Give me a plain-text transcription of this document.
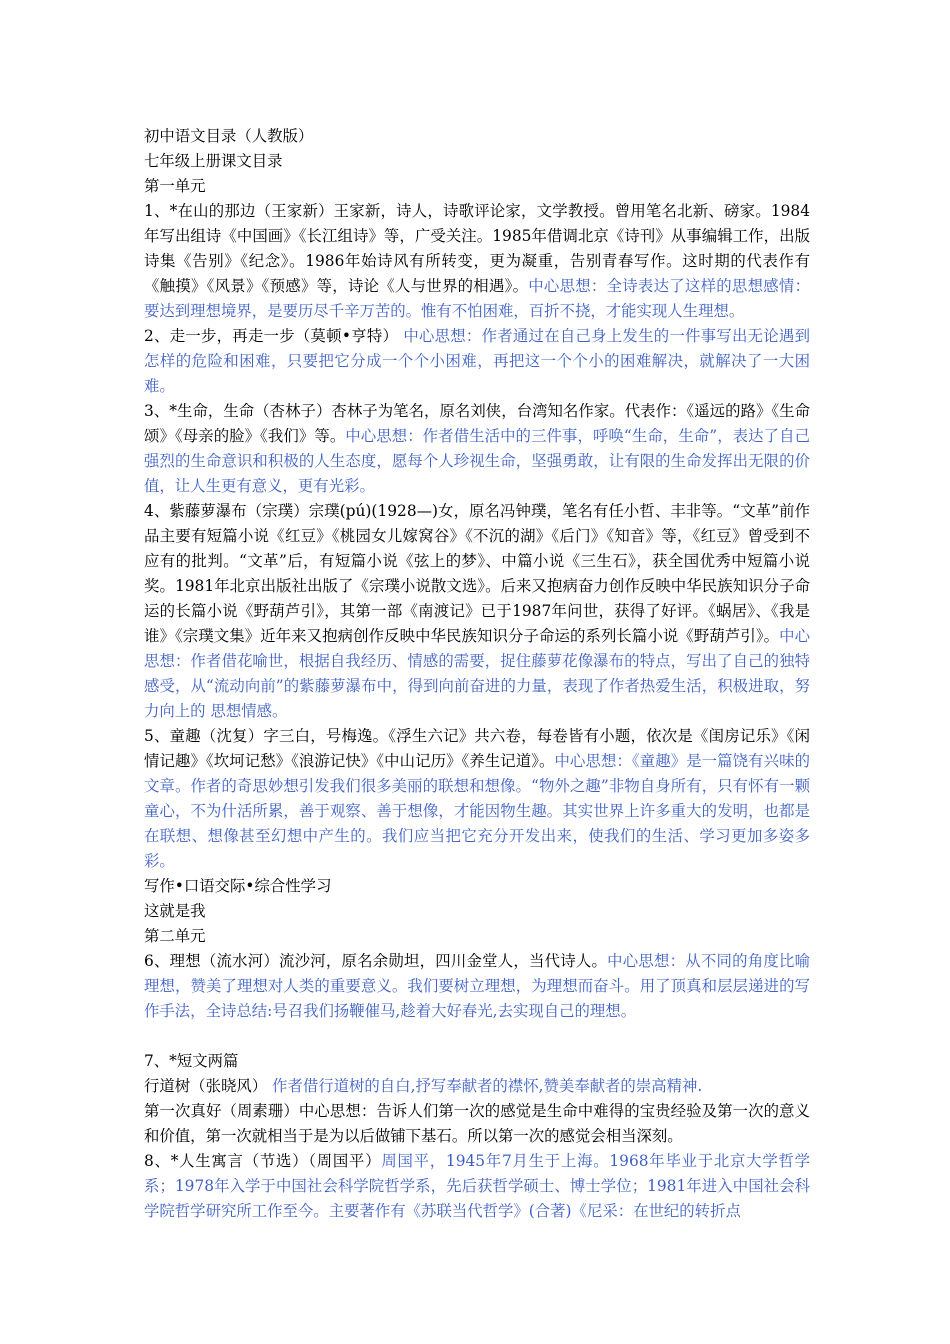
初中语文目录（人教版）

七年级上册课文目录

第一单元

1、*在山的那边（王家新）王家新，诗人，诗歌评论家，文学教授。曾用笔名北新、磅家。1984年写出组诗《中国画》《长江组诗》等，广受关注。1985年借调北京《诗刊》从事编辑工作，出版诗集《告别》《纪念》。1986年始诗风有所转变，更为凝重，告别青春写作。这时期的代表作有《触摸》《风景》《预感》等，诗论《人与世界的相遇》。中心思想：全诗表达了这样的思想感情：要达到理想境界，是要历尽千辛万苦的。惟有不怕困难，百折不挠，才能实现人生理想。

2、走一步，再走一步（莫顿•亨特） 中心思想：作者通过在自己身上发生的一件事写出无论遇到怎样的危险和困难，只要把它分成一个个小困难，再把这一个个小的困难解决，就解决了一大困难。

3、*生命，生命（杏林子）杏林子为笔名，原名刘侠，台湾知名作家。代表作：《遥远的路》《生命颂》《母亲的脸》《我们》等。中心思想：作者借生活中的三件事，呼唤“生命，生命”，表达了自己强烈的生命意识和积极的人生态度，愿每个人珍视生命，坚强勇敢，让有限的生命发挥出无限的价值，让人生更有意义，更有光彩。

4、紫藤萝瀑布（宗璞）宗璞(pú)(1928—)女，原名冯钟璞，笔名有任小哲、丰非等。“文革”前作品主要有短篇小说《红豆》《桃园女儿嫁窝谷》《不沉的湖》《后门》《知音》等，《红豆》曾受到不应有的批判。“文革”后，有短篇小说《弦上的梦》、中篇小说《三生石》，获全国优秀中短篇小说奖。1981年北京出版社出版了《宗璞小说散文选》。后来又抱病奋力创作反映中华民族知识分子命运的长篇小说《野葫芦引》，其第一部《南渡记》已于1987年问世，获得了好评。《蜗居》、《我是谁》《宗璞文集》近年来又抱病创作反映中华民族知识分子命运的系列长篇小说《野葫芦引》。中心思想：作者借花喻世，根据自我经历、情感的需要，捉住藤萝花像瀑布的特点，写出了自己的独特感受，从“流动向前”的紫藤萝瀑布中，得到向前奋进的力量，表现了作者热爱生活，积极进取，努力向上的 思想情感。

5、童趣（沈复）字三白，号梅逸。《浮生六记》共六卷，每卷皆有小题，依次是《闺房记乐》《闲情记趣》《坎坷记愁》《浪游记快》《中山记历》《养生记道》。中心思想：《童趣》是一篇饶有兴味的文章。作者的奇思妙想引发我们很多美丽的联想和想像。“物外之趣”非物自身所有，只有怀有一颗童心，不为什活所累，善于观察、善于想像，才能因物生趣。其实世界上许多重大的发明，也都是在联想、想像甚至幻想中产生的。我们应当把它充分开发出来，使我们的生活、学习更加多姿多彩。

写作•口语交际•综合性学习

这就是我

第二单元

6、理想（流水河）流沙河，原名余勋坦，四川金堂人，当代诗人。中心思想：从不同的角度比喻理想，赞美了理想对人类的重要意义。我们要树立理想，为理想而奋斗。用了顶真和层层递进的写作手法，全诗总结:号召我们扬鞭催马,趁着大好春光,去实现自己的理想。

7、*短文两篇

行道树（张晓风） 作者借行道树的自白,抒写奉献者的襟怀,赞美奉献者的崇高精神.

第一次真好（周素珊）中心思想：告诉人们第一次的感觉是生命中难得的宝贵经验及第一次的意义和价值，第一次就相当于是为以后做铺下基石。所以第一次的感觉会相当深刻。

8、*人生寓言（节选）（周国平）周国平，1945年7月生于上海。1968年毕业于北京大学哲学系；1978年入学于中国社会科学院哲学系，先后获哲学硕士、博士学位；1981年进入中国社会科学院哲学研究所工作至今。主要著作有《苏联当代哲学》(合著)《尼采：在世纪的转折点
